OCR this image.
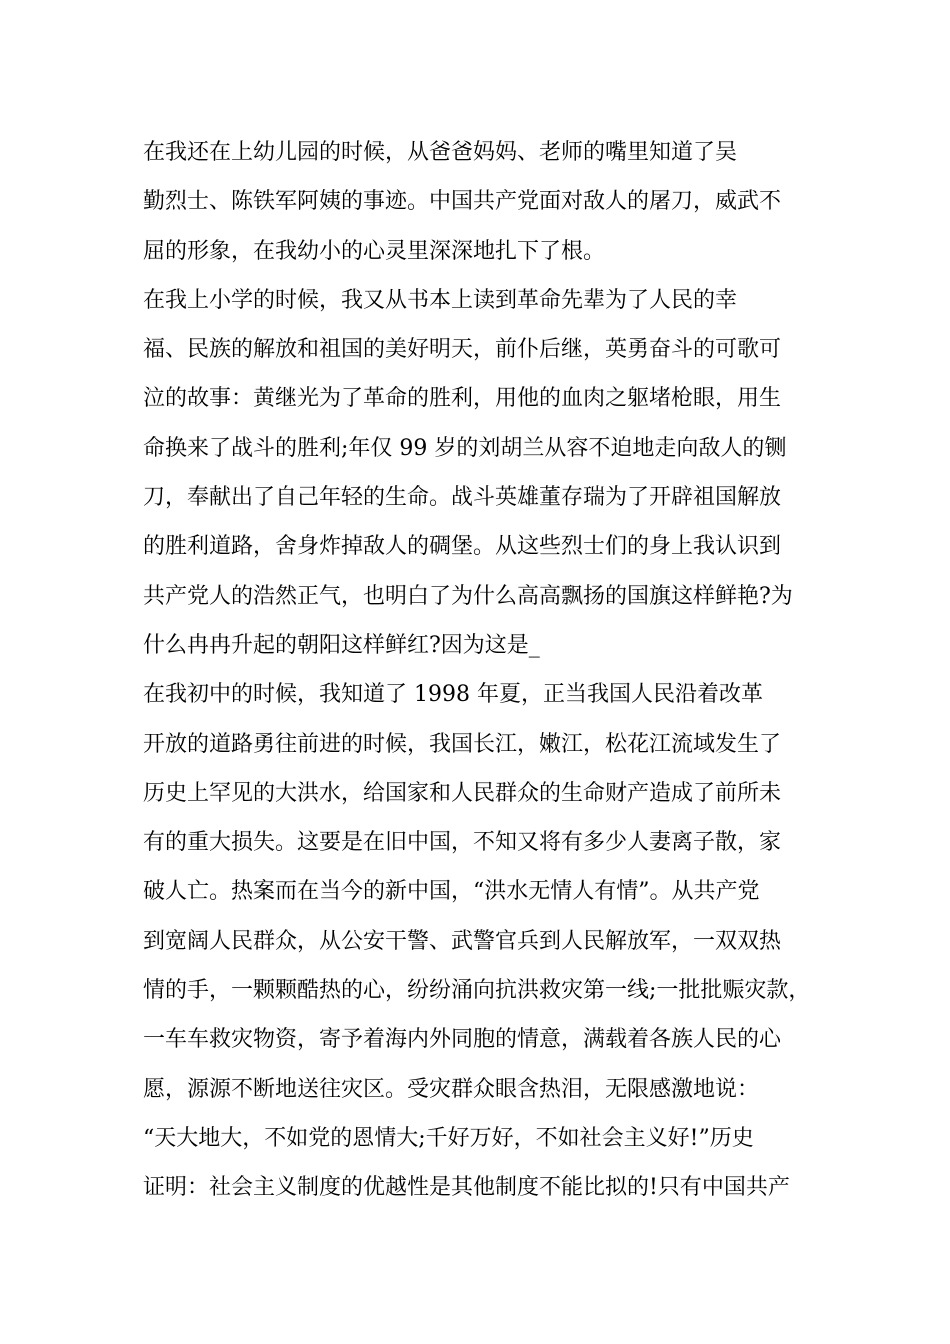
在我还在上幼儿园的时候，从爸爸妈妈、老师的嘴里知道了吴
勤烈士、陈铁军阿姨的事迹。中国共产党面对敌人的屠刀，威武不
屈的形象，在我幼小的心灵里深深地扎下了根。
在我上小学的时候，我又从书本上读到革命先辈为了人民的幸
福、民族的解放和祖国的美好明天，前仆后继，英勇奋斗的可歌可
泣的故事：黄继光为了革命的胜利，用他的血肉之躯堵枪眼，用生
命换来了战斗的胜利;年仅 99 岁的刘胡兰从容不迫地走向敌人的铡
刀，奉献出了自己年轻的生命。战斗英雄董存瑞为了开辟祖国解放
的胜利道路，舍身炸掉敌人的碉堡。从这些烈士们的身上我认识到
共产党人的浩然正气，也明白了为什么高高飘扬的国旗这样鲜艳?为
什么冉冉升起的朝阳这样鲜红?因为这是_
在我初中的时候，我知道了 1998 年夏，正当我国人民沿着改革
开放的道路勇往前进的时候，我国长江，嫩江，松花江流域发生了
历史上罕见的大洪水，给国家和人民群众的生命财产造成了前所未
有的重大损失。这要是在旧中国，不知又将有多少人妻离子散，家
破人亡。热案而在当今的新中国，“洪水无情人有情”。从共产党
到宽阔人民群众，从公安干警、武警官兵到人民解放军，一双双热
情的手，一颗颗酷热的心，纷纷涌向抗洪救灾第一线;一批批赈灾款，
一车车救灾物资，寄予着海内外同胞的情意，满载着各族人民的心
愿，源源不断地送往灾区。受灾群众眼含热泪，无限感激地说：
“天大地大，不如党的恩情大;千好万好，不如社会主义好!”历史
证明：社会主义制度的优越性是其他制度不能比拟的!只有中国共产
